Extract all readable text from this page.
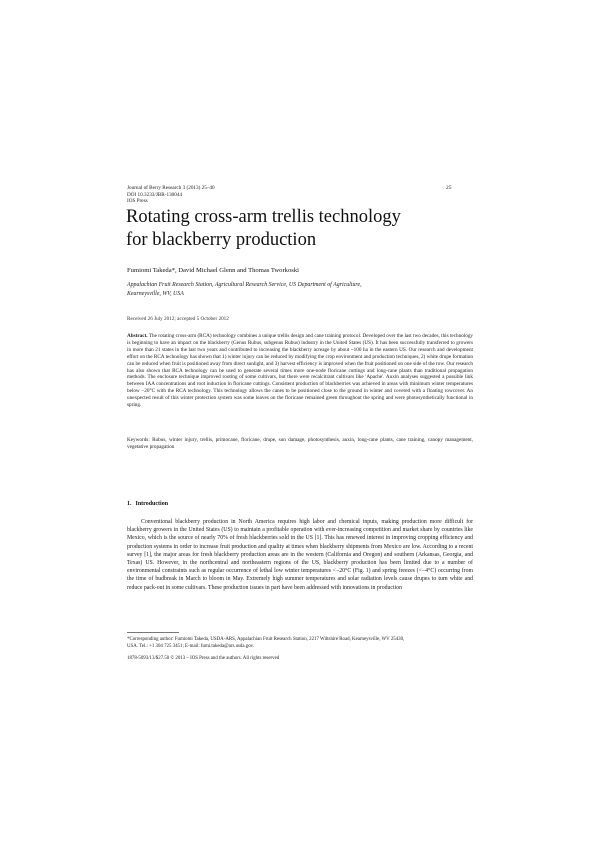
Journal of Berry Research 3 (2013) 25–40
DOI 10.3233/JBR-130044
IOS Press
25
Rotating cross-arm trellis technology
for blackberry production
Fumiomi Takeda*, David Michael Glenn and Thomas Tworkoski
Appalachian Fruit Research Station, Agricultural Research Service, US Department of Agriculture,
Kearneysville, WV, USA
Received 26 July 2012; accepted 5 October 2012
Abstract. The rotating cross-arm (RCA) technology combines a unique trellis design and cane training protocol. Developed over the last two decades, this technology is beginning to have an impact on the blackberry (Genus Rubus, subgenus Rubus) industry in the United States (US). It has been successfully transferred to growers in more than 21 states in the last two years and contributed to increasing the blackberry acreage by about ~100 ha in the eastern US. Our research and development effort on the RCA technology has shown that 1) winter injury can be reduced by modifying the crop environment and production techniques, 2) white drupe formation can be reduced when fruit is positioned away from direct sunlight, and 3) harvest efficiency is improved when the fruit positioned on one side of the row. Our research has also shown that RCA technology can be used to generate several times more one-node floricane cuttings and long-cane plants than traditional propagation methods. The enclosure technique improved rooting of some cultivars, but there were recalcitrant cultivars like 'Apache'. Auxin analyses suggested a possible link between IAA concentrations and root induction in floricane cuttings. Consistent production of blackberries was achieved in areas with minimum winter temperatures below −20°C with the RCA technology. This technology allows the canes to be positioned close to the ground in winter and covered with a floating rowcover. An unexpected result of this winter protection system was some leaves on the floricane remained green throughout the spring and were photosynthetically functional in spring.
Keywords: Rubus, winter injury, trellis, primocane, floricane, drupe, sun damage, photosynthesis, auxin, long-cane plants, cane training, canopy management, vegetative propagation
1. Introduction
Conventional blackberry production in North America requires high labor and chemical inputs, making production more difficult for blackberry growers in the United States (US) to maintain a profitable operation with ever-increasing competition and market share by countries like Mexico, which is the source of nearly 70% of fresh blackberries sold in the US [1]. This has renewed interest in improving cropping efficiency and production systems in order to increase fruit production and quality at times when blackberry shipments from Mexico are low. According to a recent survey [1], the major areas for fresh blackberry production areas are in the western (California and Oregon) and southern (Arkansas, Georgia, and Texas) US. However, in the northcentral and northeastern regions of the US, blackberry production has been limited due to a number of environmental constraints such as regular occurrence of lethal low winter temperatures <−20°C (Fig. 1) and spring freezes (<−4°C) occurring from the time of budbreak in March to bloom in May. Extremely high summer temperatures and solar radiation levels cause drupes to turn white and reduce pack-out in some cultivars. These production issues in part have been addressed with innovations in production
*Corresponding author: Fumiomi Takeda, USDA-ARS, Appalachian Fruit Research Station, 2217 Wiltshire Road, Kearneysville, WV 25430,
USA. Tel.: +1 304 725 3451; E-mail: fumi.takeda@ars.usda.gov.
1878-5093/13/$27.50 © 2013 – IOS Press and the authors. All rights reserved
